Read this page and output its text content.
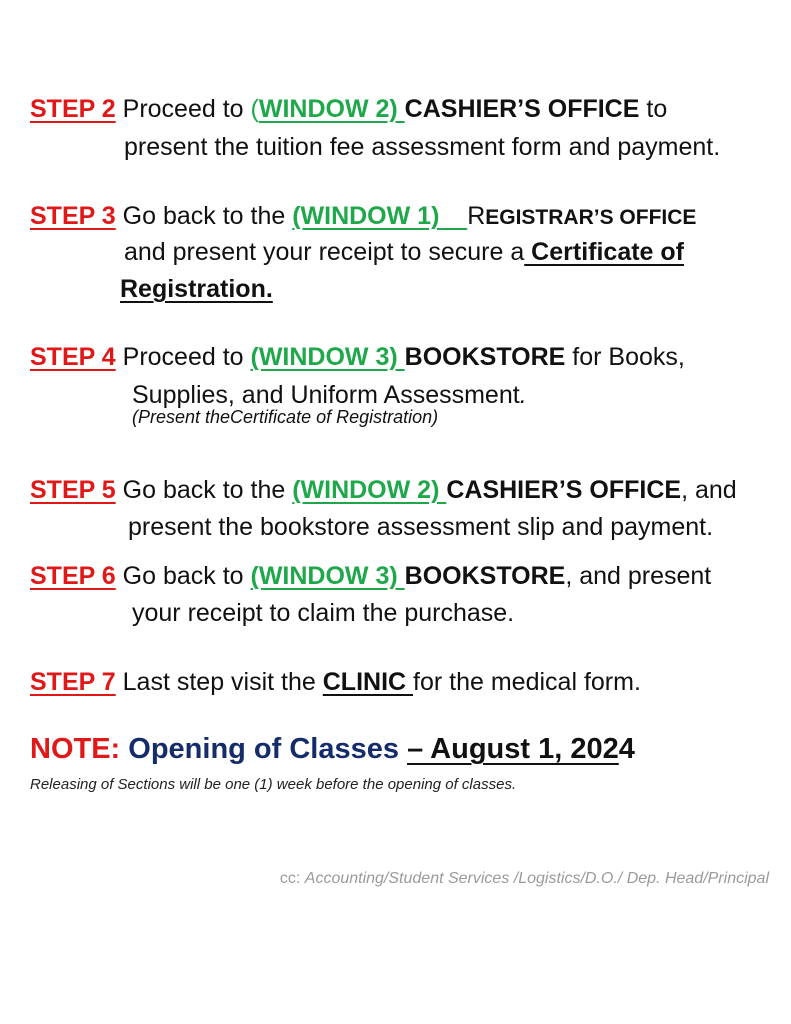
STEP 2 Proceed to (WINDOW 2) CASHIER’S OFFICE to
present the tuition fee assessment form and payment.
STEP 3 Go back to the (WINDOW 1)    REGISTRAR’S OFFICE
and present your receipt to secure a Certificate of
Registration.
STEP 4 Proceed to (WINDOW 3) BOOKSTORE for Books,
Supplies, and Uniform Assessment.
(Present theCertificate of Registration)
STEP 5 Go back to the (WINDOW 2) CASHIER’S OFFICE, and
present the bookstore assessment slip and payment.
STEP 6 Go back to (WINDOW 3) BOOKSTORE, and present
your receipt to claim the purchase.
STEP 7 Last step visit the CLINIC for the medical form.
NOTE: Opening of Classes – August 1, 2024
Releasing of Sections will be one (1) week before the opening of classes.
cc: Accounting/Student Services /Logistics/D.O./ Dep. Head/Principal
